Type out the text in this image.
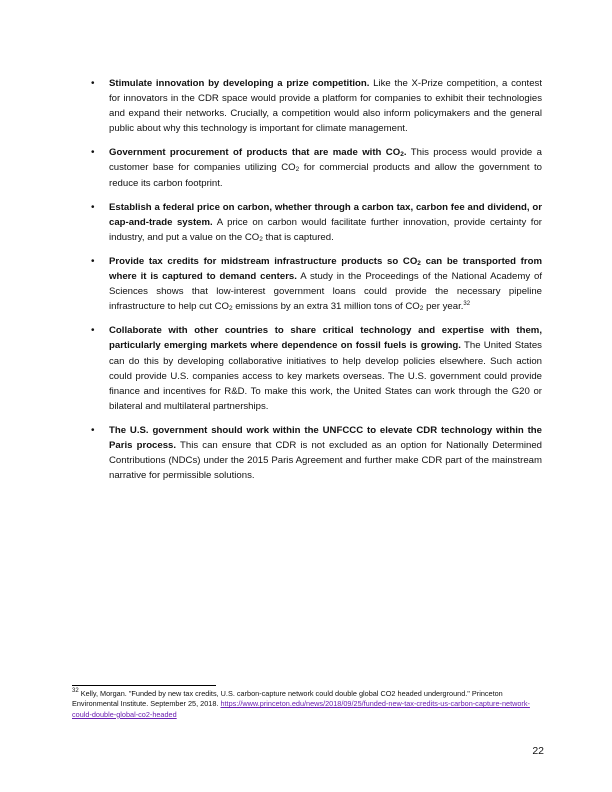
• Stimulate innovation by developing a prize competition. Like the X-Prize competition, a contest for innovators in the CDR space would provide a platform for companies to exhibit their technologies and expand their networks. Crucially, a competition would also inform policymakers and the general public about why this technology is important for climate management.
• Government procurement of products that are made with $CO_2$. This process would provide a customer base for companies utilizing $CO_2$ for commercial products and allow the government to reduce its carbon footprint.
• Establish a federal price on carbon, whether through a carbon tax, carbon fee and dividend, or cap-and-trade system. A price on carbon would facilitate further innovation, provide certainty for industry, and put a value on the $CO_2$ that is captured.
• Provide tax credits for midstream infrastructure products so $CO_2$ can be transported from where it is captured to demand centers. A study in the Proceedings of the National Academy of Sciences shows that low-interest government loans could provide the necessary pipeline infrastructure to help cut $CO_2$ emissions by an extra 31 million tons of $CO_2$ per year.$^{32}$
• Collaborate with other countries to share critical technology and expertise with them, particularly emerging markets where dependence on fossil fuels is growing. The United States can do this by developing collaborative initiatives to help develop policies elsewhere. Such action could provide U.S. companies access to key markets overseas. The U.S. government could provide finance and incentives for R&D. To make this work, the United States can work through the G20 or bilateral and multilateral partnerships.
• The U.S. government should work within the UNFCCC to elevate CDR technology within the Paris process. This can ensure that CDR is not excluded as an option for Nationally Determined Contributions (NDCs) under the 2015 Paris Agreement and further make CDR part of the mainstream narrative for permissible solutions.
$^{32}$ Kelly, Morgan. "Funded by new tax credits, U.S. carbon-capture network could double global CO2 headed underground." Princeton Environmental Institute. September 25, 2018. https://www.princeton.edu/news/2018/09/25/funded-new-tax-credits-us-carbon-capture-network-could-double-global-co2-headed
22
